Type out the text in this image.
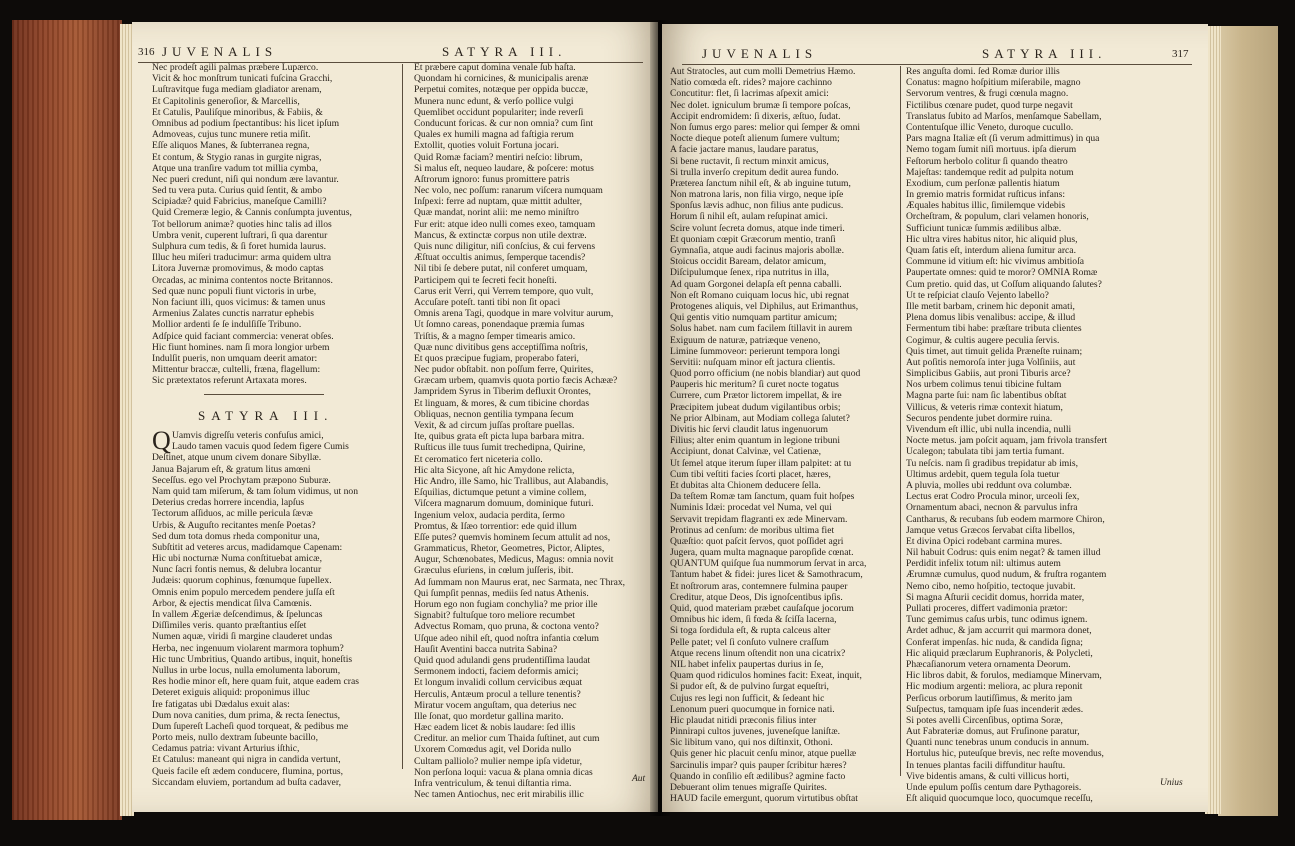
316 JUVENALIS	SATYRA III.
Nec prodeſt agili palmas præbere Lupærco.
Vicit & hoc monſtrum tunicati fuſcina Gracchi,
Luſtravitque fuga mediam gladiator arenam,
Et Capitolinis generoſior, & Marcellis,
Et Catulis, Pauliſque minoribus, & Fabiis, &
Omnibus ad podium ſpectantibus: his licet ipſum
Admoveas, cujus tunc munere retia miſit.
Eſſe aliquos Manes, & ſubterranea regna,
Et contum, & Stygio ranas in gurgite nigras,
Atque una tranſire vadum tot millia cymba,
Nec pueri credunt, niſi qui nondum ære lavantur.
Sed tu vera puta. Curius quid ſentit, & ambo
Scipiadæ? quid Fabricius, maneſque Camilli?
Quid Cremeræ legio, & Cannis conſumpta juventus,
Tot bellorum animæ? quoties hinc talis ad illos
Umbra venit, cuperent luſtrari, ſi qua darentur
Sulphura cum tedis, & ſi foret humida laurus.
Illuc heu miſeri traducimur: arma quidem ultra
Litora Juvernæ promovimus, & modo captas
Orcadas, ac minima contentos nocte Britannos.
Sed quæ nunc populi fiunt victoris in urbe,
Non faciunt illi, quos vicimus: & tamen unus
Armenius Zalates cunctis narratur ephebis
Mollior ardenti ſe ſe indulſiſſe Tribuno.
Adſpice quid faciant commercia: venerat obſes.
Hic fiunt homines. nam ſi mora longior urbem
Indulſit pueris, non umquam deerit amator:
Mittentur braccæ, cultelli, fræna, flagellum:
Sic prætextatos referunt Artaxata mores.
SATYRA III.
Uamvis digreſſu veteris confuſus amici,
Laudo tamen vacuis quod ſedem figere Cumis
Deſtinet, atque unum civem donare Sibyllæ.
Janua Bajarum eſt, & gratum litus amœni
Seceſſus. ego vel Prochytam præpono Suburæ.
Nam quid tam miſerum, & tam ſolum vidimus, ut non
Deterius credas horrere incendia, lapſus
Tectorum aſſiduos, ac mille pericula ſævæ
Urbis, & Auguſto recitantes menſe Poetas?
Sed dum tota domus rheda componitur una,
Subſtitit ad veteres arcus, madidamque Capenam:
Hic ubi nocturnæ Numa conſtituebat amicæ,
Nunc ſacri fontis nemus, & delubra locantur
Judæis: quorum cophinus, fœnumque ſupellex.
Omnis enim populo mercedem pendere juſſa eſt
Arbor, & ejectis mendicat ſilva Camœnis.
In vallem Ægeriæ deſcendimus, & ſpeluncas
Diſſimiles veris. quanto præſtantius eſſet
Numen aquæ, viridi ſi margine clauderet undas
Herba, nec ingenuum violarent marmora tophum?
Hic tunc Umbritius, Quando artibus, inquit, honeſtis
Nullus in urbe locus, nulla emolumenta laborum,
Res hodie minor eſt, here quam fuit, atque eadem cras
Deteret exiguis aliquid: proponimus illuc
Ire fatigatas ubi Dædalus exuit alas:
Dum nova canities, dum prima, & recta ſenectus,
Dum ſupereſt Lacheſi quod torqueat, & pedibus me
Porto meis, nullo dextram ſubeunte bacillo,
Cedamus patria: vivant Arturius iſthic,
Et Catulus: maneant qui nigra in candida vertunt,
Queis facile eſt ædem conducere, flumina, portus,
Siccandam eluviem, portandum ad buſta cadaver,
Q
Et præbere caput domina venale ſub haſta.
Quondam hi cornicines, & municipalis arenæ
Perpetui comites, notæque per oppida buccæ,
Munera nunc edunt, & verſo pollice vulgi
Quemlibet occidunt populariter; inde reverſi
Conducunt foricas. & cur non omnia? cum ſint
Quales ex humili magna ad faſtigia rerum
Extollit, quoties voluit Fortuna jocari.
Quid Romæ faciam? mentiri neſcio: librum,
Si malus eſt, nequeo laudare, & poſcere: motus
Aſtrorum ignoro: funus promittere patris
Nec volo, nec poſſum: ranarum viſcera numquam
Inſpexi: ferre ad nuptam, quæ mittit adulter,
Quæ mandat, norint alii: me nemo miniſtro
Fur erit: atque ideo nulli comes exeo, tamquam
Mancus, & extinctæ corpus non utile dextræ.
Quis nunc diligitur, niſi conſcius, & cui fervens
Æſtuat occultis animus, ſemperque tacendis?
Nil tibi ſe debere putat, nil conferet umquam,
Participem qui te ſecreti fecit honeſti.
Carus erit Verri, qui Verrem tempore, quo vult,
Accuſare poteſt. tanti tibi non ſit opaci
Omnis arena Tagi, quodque in mare volvitur aurum,
Ut ſomno careas, ponendaque præmia ſumas
Triſtis, & a magno ſemper timearis amico.
Quæ nunc divitibus gens acceptiſſima noſtris,
Et quos præcipue fugiam, properabo fateri,
Nec pudor obſtabit. non poſſum ferre, Quirites,
Græcam urbem, quamvis quota portio fæcis Achææ?
Jampridem Syrus in Tiberim defluxit Orontes,
Et linguam, & mores, & cum tibicine chordas
Obliquas, necnon gentilia tympana ſecum
Vexit, & ad circum juſſas proſtare puellas.
Ite, quibus grata eſt picta lupa barbara mitra.
Ruſticus ille tuus ſumit trechedipna, Quirine,
Et ceromatico fert niceteria collo.
Hic alta Sicyone, aſt hic Amydone relicta,
Hic Andro, ille Samo, hic Trallibus, aut Alabandis,
Eſquilias, dictumque petunt a vimine collem,
Viſcera magnarum domuum, dominique futuri.
Ingenium velox, audacia perdita, ſermo
Promtus, & Iſæo torrentior: ede quid illum
Eſſe putes? quemvis hominem ſecum attulit ad nos,
Grammaticus, Rhetor, Geometres, Pictor, Aliptes,
Augur, Schœnobates, Medicus, Magus: omnia novit
Græculus eſuriens, in cœlum juſſeris, ibit.
Ad ſummam non Maurus erat, nec Sarmata, nec Thrax,
Qui ſumpſit pennas, mediis ſed natus Athenis.
Horum ego non fugiam conchylia? me prior ille
Signabit? fultuſque toro meliore recumbet
Advectus Romam, quo pruna, & coctona vento?
Uſque adeo nihil eſt, quod noſtra infantia cœlum
Hauſit Aventini bacca nutrita Sabina?
Quid quod adulandi gens prudentiſſima laudat
Sermonem indocti, faciem deformis amici;
Et longum invalidi collum cervicibus æquat
Herculis, Antæum procul a tellure tenentis?
Miratur vocem anguſtam, qua deterius nec
Ille ſonat, quo mordetur gallina marito.
Hæc eadem licet & nobis laudare: ſed illis
Creditur. an melior cum Thaida ſuſtinet, aut cum
Uxorem Comœdus agit, vel Dorida nullo
Cultam palliolo? mulier nempe ipſa videtur,
Non perſona loqui: vacua & plana omnia dicas
Infra ventriculum, & tenui diſtantia rima.
Nec tamen Antiochus, nec erit mirabilis illic
Aut
JUVENALIS	SATYRA III.	317
Aut Stratocles, aut cum molli Demetrius Hæmo.
Natio comœda eſt. rides? majore cachinno
Concutitur: flet, ſi lacrimas aſpexit amici:
Nec dolet. igniculum brumæ ſi tempore poſcas,
Accipit endromidem: ſi dixeris, æſtuo, ſudat.
Non ſumus ergo pares: melior qui ſemper & omni
Nocte dieque poteſt alienum ſumere vultum;
A facie jactare manus, laudare paratus,
Si bene ructavit, ſi rectum minxit amicus,
Si trulla inverſo crepitum dedit aurea fundo.
Præterea ſanctum nihil eſt, & ab inguine tutum,
Non matrona laris, non filia virgo, neque ipſe
Sponſus lævis adhuc, non filius ante pudicus.
Horum ſi nihil eſt, aulam reſupinat amici.
Scire volunt ſecreta domus, atque inde timeri.
Et quoniam cœpit Græcorum mentio, tranſi
Gymnaſia, atque audi facinus majoris abollæ.
Stoicus occidit Baream, delator amicum,
Diſcipulumque ſenex, ripa nutritus in illa,
Ad quam Gorgonei delapſa eſt penna caballi.
Non eſt Romano cuiquam locus hic, ubi regnat
Protogenes aliquis, vel Diphilus, aut Erimanthus,
Qui gentis vitio numquam partitur amicum;
Solus habet. nam cum facilem ſtillavit in aurem
Exiguum de naturæ, patriæque veneno,
Limine ſummoveor: perierunt tempora longi
Servitii: nuſquam minor eſt jactura clientis.
Quod porro officium (ne nobis blandiar) aut quod
Pauperis hic meritum? ſi curet nocte togatus
Currere, cum Prætor lictorem impellat, & ire
Præcipitem jubeat dudum vigilantibus orbis;
Ne prior Albinam, aut Modiam collega ſalutet?
Divitis hic ſervi claudit latus ingenuorum
Filius; alter enim quantum in legione tribuni
Accipiunt, donat Calvinæ, vel Catienæ,
Ut ſemel atque iterum ſuper illam palpitet: at tu
Cum tibi veſtiti facies ſcorti placet, hæres,
Et dubitas alta Chionem deducere ſella.
Da teſtem Romæ tam ſanctum, quam fuit hoſpes
Numinis Idæi: procedat vel Numa, vel qui
Servavit trepidam flagranti ex æde Minervam.
Protinus ad cenſum: de moribus ultima fiet
Quæſtio: quot paſcit ſervos, quot poſſidet agri
Jugera, quam multa magnaque paropſide cœnat.
QUANTUM quiſque ſua nummorum ſervat in arca,
Tantum habet & fidei: jures licet & Samothracum,
Et noſtrorum aras, contemnere fulmina pauper
Creditur, atque Deos, Dis ignoſcentibus ipſis.
Quid, quod materiam præbet cauſaſque jocorum
Omnibus hic idem, ſi fœda & ſciſſa lacerna,
Si toga ſordidula eſt, & rupta calceus alter
Pelle patet; vel ſi conſuto vulnere craſſum
Atque recens linum oſtendit non una cicatrix?
NIL habet infelix paupertas durius in ſe,
Quam quod ridiculos homines facit: Exeat, inquit,
Si pudor eſt, & de pulvino ſurgat equeſtri,
Cujus res legi non ſufficit, & ſedeant hic
Lenonum pueri quocumque in fornice nati.
Hic plaudat nitidi præconis filius inter
Pinnirapi cultos juvenes, juveneſque laniſtæ.
Sic libitum vano, qui nos diſtinxit, Othoni.
Quis gener hic placuit cenſu minor, atque puellæ
Sarcinulis impar? quis pauper ſcribitur hæres?
Quando in conſilio eſt ædilibus? agmine facto
Debuerant olim tenues migraſſe Quirites.
HAUD facile emergunt, quorum virtutibus obſtat
Res anguſta domi. ſed Romæ durior illis
Conatus: magno hoſpitium miſerabile, magno
Servorum ventres, & frugi cœnula magno.
Fictilibus cœnare pudet, quod turpe negavit
Translatus ſubito ad Marſos, menſamque Sabellam,
Contentuſque illic Veneto, duroque cucullo.
Pars magna Italiæ eſt (ſi verum admittimus) in qua
Nemo togam ſumit niſi mortuus. ipſa dierum
Feſtorum herbolo colitur ſi quando theatro
Majeſtas: tandemque redit ad pulpita notum
Exodium, cum perſonæ pallentis hiatum
In gremio matris formidat ruſticus infans:
Æquales habitus illic, ſimilemque videbis
Orcheſtram, & populum, clari velamen honoris,
Sufficiunt tunicæ ſummis ædilibus albæ.
Hic ultra vires habitus nitor, hic aliquid plus,
Quam ſatis eſt, interdum aliena ſumitur arca.
Commune id vitium eſt: hic vivimus ambitioſa
Paupertate omnes: quid te moror? OMNIA Romæ
Cum pretio. quid das, ut Coſſum aliquando ſalutes?
Ut te reſpiciat clauſo Vejento labello?
Ille metit barbam, crinem hic deponit amati,
Plena domus libis venalibus: accipe, & illud
Fermentum tibi habe: præſtare tributa clientes
Cogimur, & cultis augere peculia ſervis.
Quis timet, aut timuit gelida Præneſte ruinam;
Aut poſitis nemoroſa inter juga Volſiniis, aut
Simplicibus Gabiis, aut proni Tiburis arce?
Nos urbem colimus tenui tibicine fultam
Magna parte ſui: nam ſic labentibus obſtat
Villicus, & veteris rimæ contexit hiatum,
Securos pendente jubet dormire ruina.
Vivendum eſt illic, ubi nulla incendia, nulli
Nocte metus. jam poſcit aquam, jam frivola transfert
Ucalegon; tabulata tibi jam tertia fumant.
Tu neſcis. nam ſi gradibus trepidatur ab imis,
Ultimus ardebit, quem tegula ſola tuetur
A pluvia, molles ubi reddunt ova columbæ.
Lectus erat Codro Procula minor, urceoli ſex,
Ornamentum abaci, necnon & parvulus infra
Cantharus, & recubans ſub eodem marmore Chiron,
Jamque vetus Græcos ſervabat ciſta libellos,
Et divina Opici rodebant carmina mures.
Nil habuit Codrus: quis enim negat? & tamen illud
Perdidit infelix totum nil: ultimus autem
Ærumnæ cumulus, quod nudum, & fruſtra rogantem
Nemo cibo, nemo hoſpitio, tectoque juvabit.
Si magna Aſturii cecidit domus, horrida mater,
Pullati proceres, differt vadimonia prætor:
Tunc gemimus caſus urbis, tunc odimus ignem.
Ardet adhuc, & jam accurrit qui marmora donet,
Conferat impenſas. hic nuda, & candida ſigna;
Hic aliquid præclarum Euphranoris, & Polycleti,
Phæcaſianorum vetera ornamenta Deorum.
Hic libros dabit, & forulos, mediamque Minervam,
Hic modium argenti: meliora, ac plura reponit
Perſicus orborum lautiſſimus, & merito jam
Suſpectus, tamquam ipſe ſuas incenderit ædes.
Si potes avelli Circenſibus, optima Soræ,
Aut Fabrateriæ domus, aut Fruſinone paratur,
Quanti nunc tenebras unum conducis in annum.
Hortulus hic, puteuſque brevis, nec reſte movendus,
In tenues plantas facili diffunditur hauſtu.
Vive bidentis amans, & culti villicus horti,
Unde epulum poſſis centum dare Pythagoreis.
Eſt aliquid quocumque loco, quocumque receſſu,
Unius
